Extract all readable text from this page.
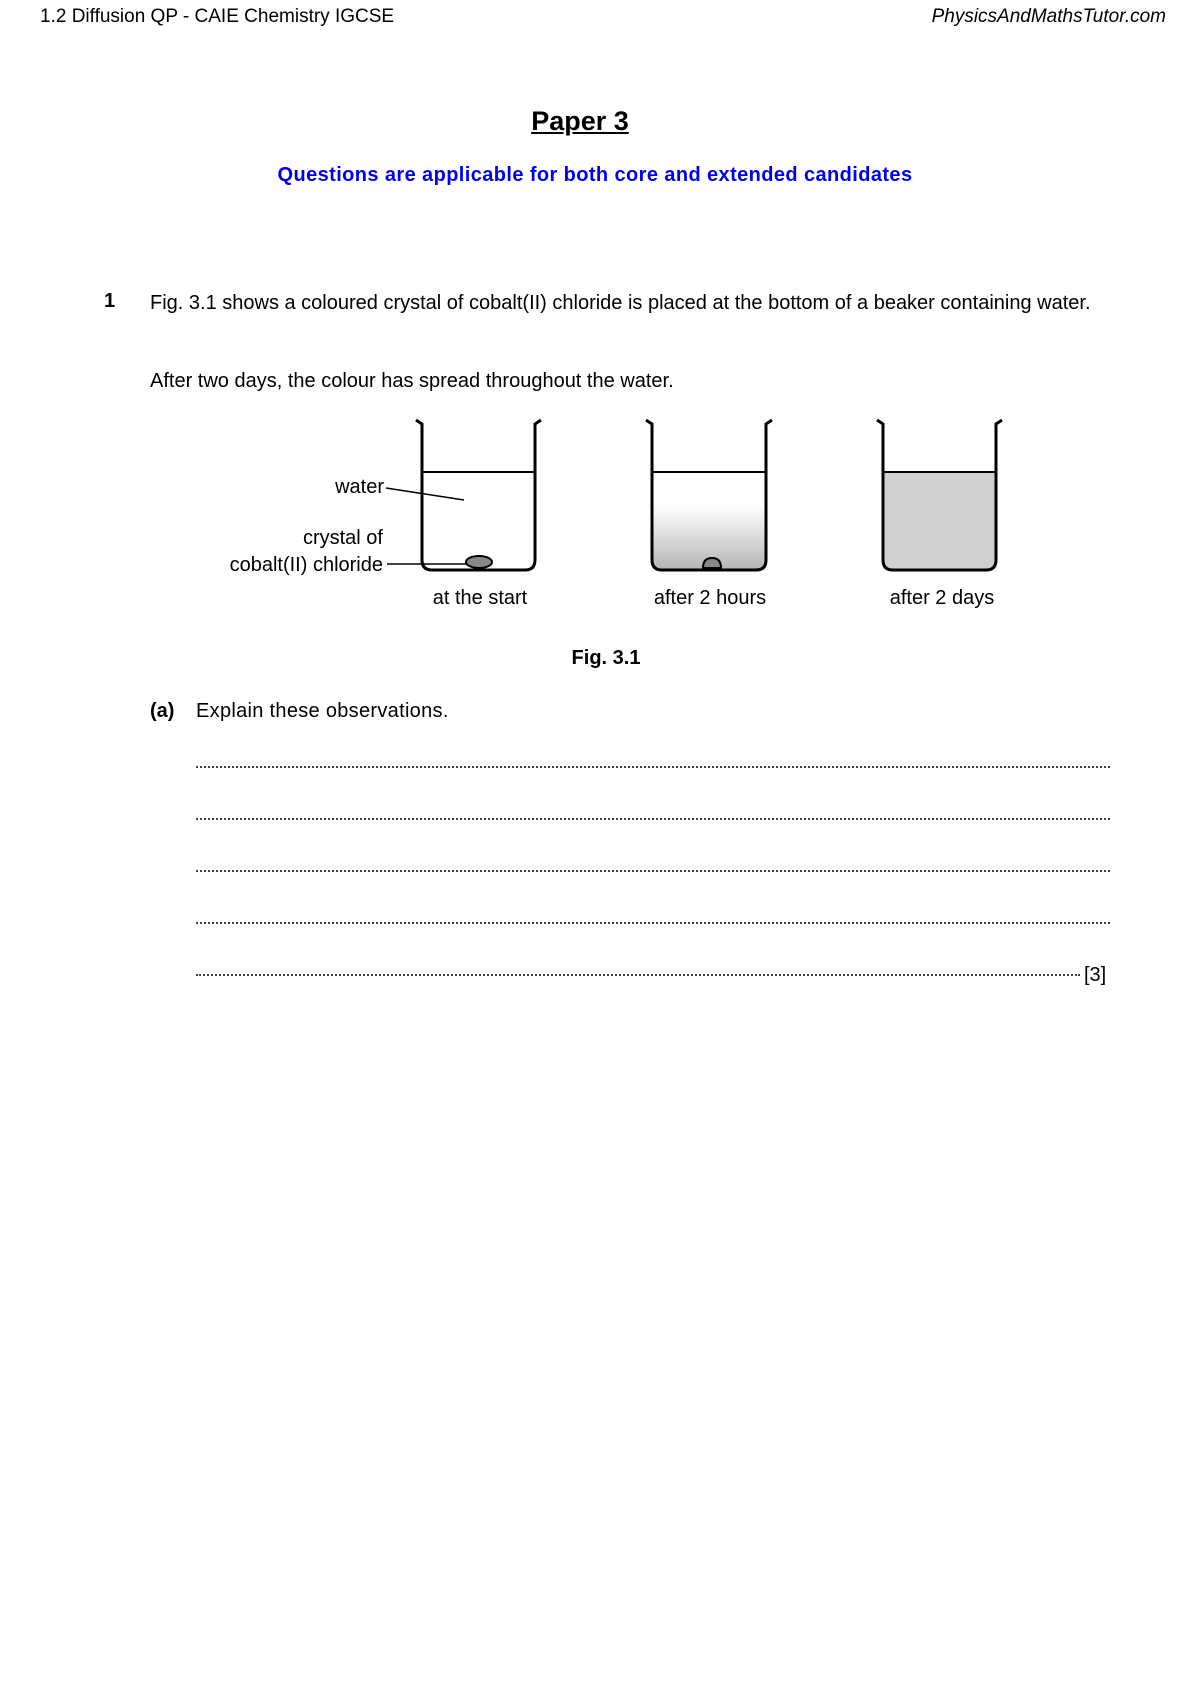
1.2 Diffusion QP - CAIE Chemistry IGCSE	PhysicsAndMathsTutor.com
Paper 3
Questions are applicable for both core and extended candidates
1 Fig. 3.1 shows a coloured crystal of cobalt(II) chloride is placed at the bottom of a beaker containing water.
After two days, the colour has spread throughout the water.
water
crystal of
cobalt(II) chloride
at the start	after 2 hours	after 2 days
Fig. 3.1
(a) Explain these observations.
[3]
